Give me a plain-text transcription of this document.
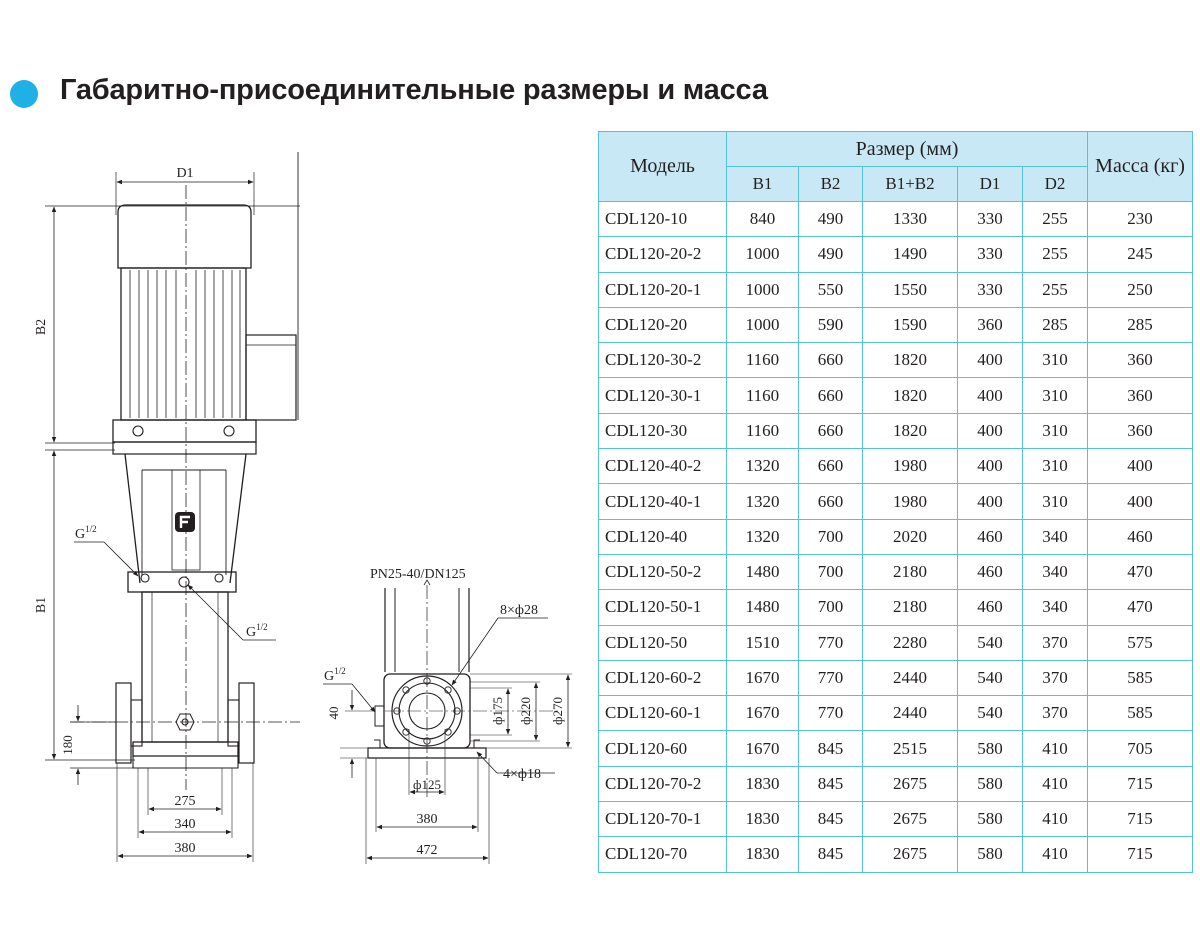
Габаритно-присоединительные размеры и масса
D1
B2
B1
180
275
340
380
$G^{1/2}$
$G^{1/2}$
PN25-40/DN125
8×ф28
$G^{1/2}$
40	ф175 ф220 ф270
ф125
4×ф18
380
472
Модель	Размер (мм)					Масса (кг)
	B1	B2	B1+B2	D1	D2	
CDL120-10	840	490	1330	330	255	230
CDL120-20-2	1000	490	1490	330	255	245
CDL120-20-1	1000	550	1550	330	255	250
CDL120-20	1000	590	1590	360	285	285
CDL120-30-2	1160	660	1820	400	310	360
CDL120-30-1	1160	660	1820	400	310	360
CDL120-30	1160	660	1820	400	310	360
CDL120-40-2	1320	660	1980	400	310	400
CDL120-40-1	1320	660	1980	400	310	400
CDL120-40	1320	700	2020	460	340	460
CDL120-50-2	1480	700	2180	460	340	470
CDL120-50-1	1480	700	2180	460	340	470
CDL120-50	1510	770	2280	540	370	575
CDL120-60-2	1670	770	2440	540	370	585
CDL120-60-1	1670	770	2440	540	370	585
CDL120-60	1670	845	2515	580	410	705
CDL120-70-2	1830	845	2675	580	410	715
CDL120-70-1	1830	845	2675	580	410	715
CDL120-70	1830	845	2675	580	410	715
